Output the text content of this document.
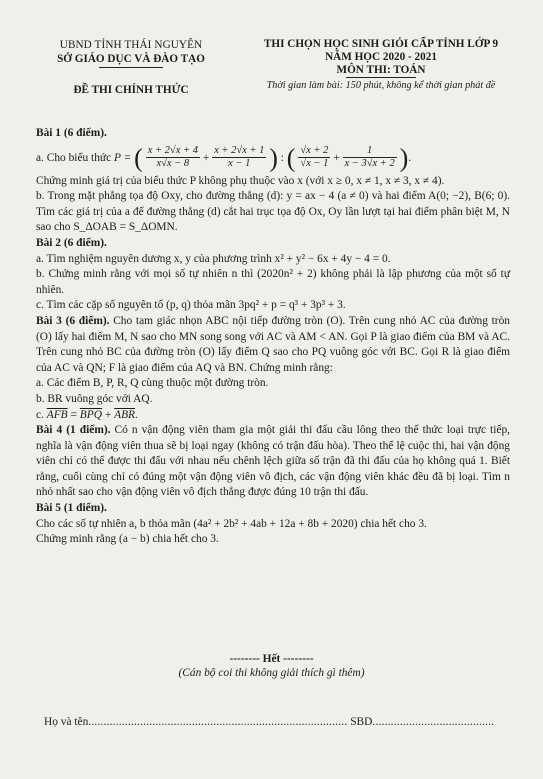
UBND TỈNH THÁI NGUYÊN
SỞ GIÁO DỤC VÀ ĐÀO TẠO
ĐỀ THI CHÍNH THỨC
THI CHỌN HỌC SINH GIỎI CẤP TỈNH LỚP 9
NĂM HỌC 2020 - 2021
MÔN THI: TOÁN
Thời gian làm bài: 150 phút, không kể thời gian phát đề

Bài 1 (6 điểm).

a. Cho biểu thức P = ( $\frac{x + 2√x + 4}{x√x - 8} + \frac{x + 2√x + 1}{x - 1}$ ) : ( $\frac{√x + 2}{√x - 1} + \frac{1}{x - 3√x + 2}$ ).

Chứng minh giá trị của biểu thức P không phụ thuộc vào x (với x ≥ 0, x ≠ 1, x ≠ 3, x ≠ 4).

b. Trong mặt phẳng tọa độ Oxy, cho đường thẳng (d): y = ax − 4 (a ≠ 0) và hai điểm A(0; −2), B(6; 0). Tìm các giá trị của a để đường thẳng (d) cắt hai trục tọa độ Ox, Oy lần lượt tại hai điểm phân biệt M, N sao cho S_ΔOAB = S_ΔOMN.

Bài 2 (6 điểm).

a. Tìm nghiệm nguyên dương x, y của phương trình x² + y² − 6x + 4y − 4 = 0.

b. Chứng minh rằng với mọi số tự nhiên n thì (2020n² + 2) không phải là lập phương của một số tự nhiên.

c. Tìm các cặp số nguyên tố (p, q) thỏa mãn 3pq² + p = q³ + 3p³ + 3.

Bài 3 (6 điểm). Cho tam giác nhọn ABC nội tiếp đường tròn (O). Trên cung nhỏ AC của đường tròn (O) lấy hai điểm M, N sao cho MN song song với AC và AM < AN. Gọi P là giao điểm của BM và AC. Trên cung nhỏ BC của đường tròn (O) lấy điểm Q sao cho PQ vuông góc với BC. Gọi R là giao điểm của AC và QN; F là giao điểm của AQ và BN. Chứng minh rằng:

a. Các điểm B, P, R, Q cùng thuộc một đường tròn.

b. BR vuông góc với AQ.

c. $\overline{AFB} = \overline{BPQ} + \overline{ABR}$.

Bài 4 (1 điểm). Có n vận động viên tham gia một giải thi đấu cầu lông theo thể thức loại trực tiếp, nghĩa là vận động viên thua sẽ bị loại ngay (không có trận đấu hòa). Theo thể lệ cuộc thi, hai vận động viên chỉ có thể được thi đấu với nhau nếu chênh lệch giữa số trận đã thi đấu của họ không quá 1. Biết rằng, cuối cùng chỉ có đúng một vận động viên vô địch, các vận động viên khác đều đã bị loại. Tìm n nhỏ nhất sao cho vận động viên vô địch thắng được đúng 10 trận thi đấu.

Bài 5 (1 điểm).

Cho các số tự nhiên a, b thỏa mãn (4a² + 2b² + 4ab + 12a + 8b + 2020) chia hết cho 3.

Chứng minh rằng (a − b) chia hết cho 3.

-------- Hết --------
(Cán bộ coi thi không giải thích gì thêm)
Họ và tên..................................................................................... SBD........................................
